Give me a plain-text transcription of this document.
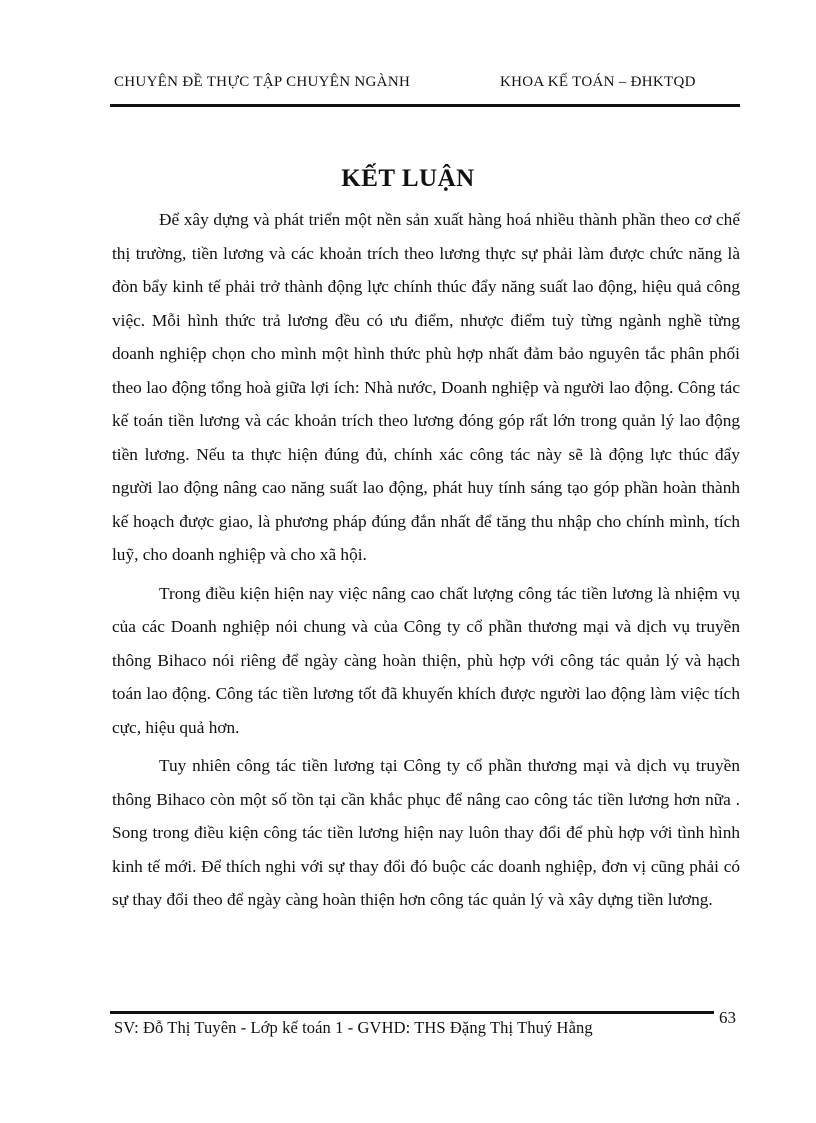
CHUYÊN ĐỀ THỰC TẬP CHUYÊN NGÀNH	KHOA KẾ TOÁN – ĐHKTQD
KẾT LUẬN

Để xây dựng và phát triển một nền sản xuất hàng hoá nhiều thành phần theo cơ chế thị trường, tiền lương và các khoản trích theo lương thực sự phải làm được chức năng là đòn bẩy kinh tế phải trở thành động lực chính thúc đẩy năng suất lao động, hiệu quả công việc. Mỗi hình thức trả lương đều có ưu điểm, nhược điểm tuỳ từng ngành nghề từng doanh nghiệp chọn cho mình một hình thức phù hợp nhất đảm bảo nguyên tắc phân phối theo lao động tổng hoà giữa lợi ích: Nhà nước, Doanh nghiệp và người lao động. Công tác kế toán tiền lương và các khoản trích theo lương đóng góp rất lớn trong quản lý lao động tiền lương. Nếu ta thực hiện đúng đủ, chính xác công tác này sẽ là động lực thúc đẩy người lao động nâng cao năng suất lao động, phát huy tính sáng tạo góp phần hoàn thành kế hoạch được giao, là phương pháp đúng đắn nhất để tăng thu nhập cho chính mình, tích luỹ, cho doanh nghiệp và cho xã hội.

Trong điều kiện hiện nay việc nâng cao chất lượng công tác tiền lương là nhiệm vụ của các Doanh nghiệp nói chung và của Công ty cổ phần thương mại và dịch vụ truyền thông Bihaco nói riêng để ngày càng hoàn thiện, phù hợp với công tác quản lý và hạch toán lao động. Công tác tiền lương tốt đã khuyến khích được người lao động làm việc tích cực, hiệu quả hơn.

Tuy nhiên công tác tiền lương tại Công ty cổ phần thương mại và dịch vụ truyền thông Bihaco còn một số tồn tại cần khắc phục để nâng cao công tác tiền lương hơn nữa . Song trong điều kiện công tác tiền lương hiện nay luôn thay đổi để phù hợp với tình hình kinh tế mới. Để thích nghi với sự thay đổi đó buộc các doanh nghiệp, đơn vị cũng phải có sự thay đổi theo để ngày càng hoàn thiện hơn công tác quản lý và xây dựng tiền lương.

SV: Đỗ Thị Tuyên - Lớp kế toán 1 - GVHD: THS Đặng Thị Thuý Hằng
63
